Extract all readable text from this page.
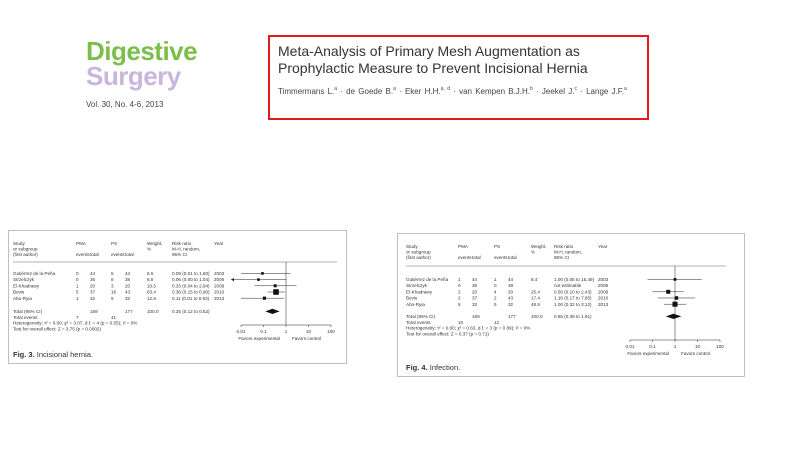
Digestive
Surgery
Vol. 30, No. 4-6, 2013
Meta-Analysis of Primary Mesh Augmentation as
Prophylactic Measure to Prevent Incisional Hernia
Timmermans L.$^a$ · de Goede B.$^a$ · Eker H.H.$^{a, d}$ · van Kempen B.J.H.$^b$ · Jeekel J.$^c$ · Lange J.F.$^a$
Study
or subgroup
(first author)
PMA	PS
events total	events total
Weight,
%
Risk ratio
M-H, random,
95% CI
Year
Gutiérrez de la Peña	0 44	5 44	6.5	0.09 (0.01 to 1.60) 2003
Strzelczyk	0 36	8 38	6.5	0.06 (0.00 to 1.04) 2006
El-Khadrawy	1 20	3 20	10.5	0.33 (0.04 to 2.94) 2009
Bevis	5 37	16 43	63.4	0.36 (0.15 to 0.90) 2010
Abo-Ryia	1 32	9 32	12.8	0.11 (0.01 to 0.83) 2013
Total (95% CI)	169	177	100.0	0.25 (0.12 to 0.52)
Total events	7	41
Heterogeneity: τ² = 0.00; χ² = 3.07, d.f. = 4 (p = 0.55); I² = 0%
Test for overall effect: Z = 3.75 (p = 0.0002)
0.01	0.1	1	10	100
Favors experimental	Favors control
Fig. 3. Incisional hernia.
Study
or subgroup
(first author)
PMA	PS
events total	events total
Weight,
%
Risk ratio
M-H, random,
95% CI
Year
Gutiérrez de la Peña 1 44	1 44	8.4	1.00 (0.06 to 15.49) 2003
Strzelczyk	0 36	0 38	not estimable	2006
El-Khadrawy	2 20	4 20	25.4	0.50 (0.10 to 2.43) 2009
Bevis	2 37	2 43	17.4	1.16 (0.17 to 7.85) 2010
Abo-Ryia	5 32	5 32	48.8	1.00 (0.32 to 3.12) 2013
Total (95% CI)	169	177	100.0	0.86 (0.39 to 1.91)
Total events	10	12
Heterogeneity: τ² = 0.00; χ² = 0.63, d.f. = 3 (p = 0.89); I² = 0%
Test for overall effect: Z = 0.37 (p = 0.71)
0.01	0.1	1	10	100
Favors experimental	Favors control
Fig. 4. Infection.
